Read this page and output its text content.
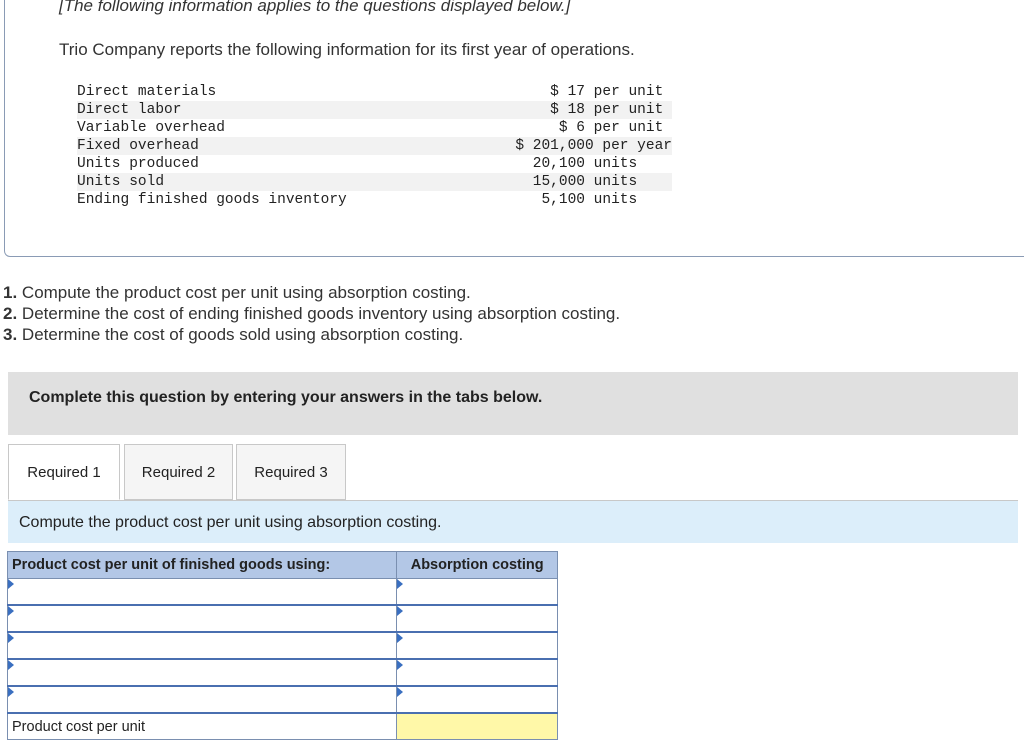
[The following information applies to the questions displayed below.]
Trio Company reports the following information for its first year of operations.
Direct materials	$ 17 per unit
Direct labor	$ 18 per unit
Variable overhead	$ 6 per unit
Fixed overhead	$ 201,000 per year
Units produced	20,100 units
Units sold	15,000 units
Ending finished goods inventory	5,100 units
1. Compute the product cost per unit using absorption costing.
2. Determine the cost of ending finished goods inventory using absorption costing.
3. Determine the cost of goods sold using absorption costing.
Complete this question by entering your answers in the tabs below.
Required 1	Required 2	Required 3
Compute the product cost per unit using absorption costing.
Product cost per unit of finished goods using:	Absorption costing

Product cost per unit	
